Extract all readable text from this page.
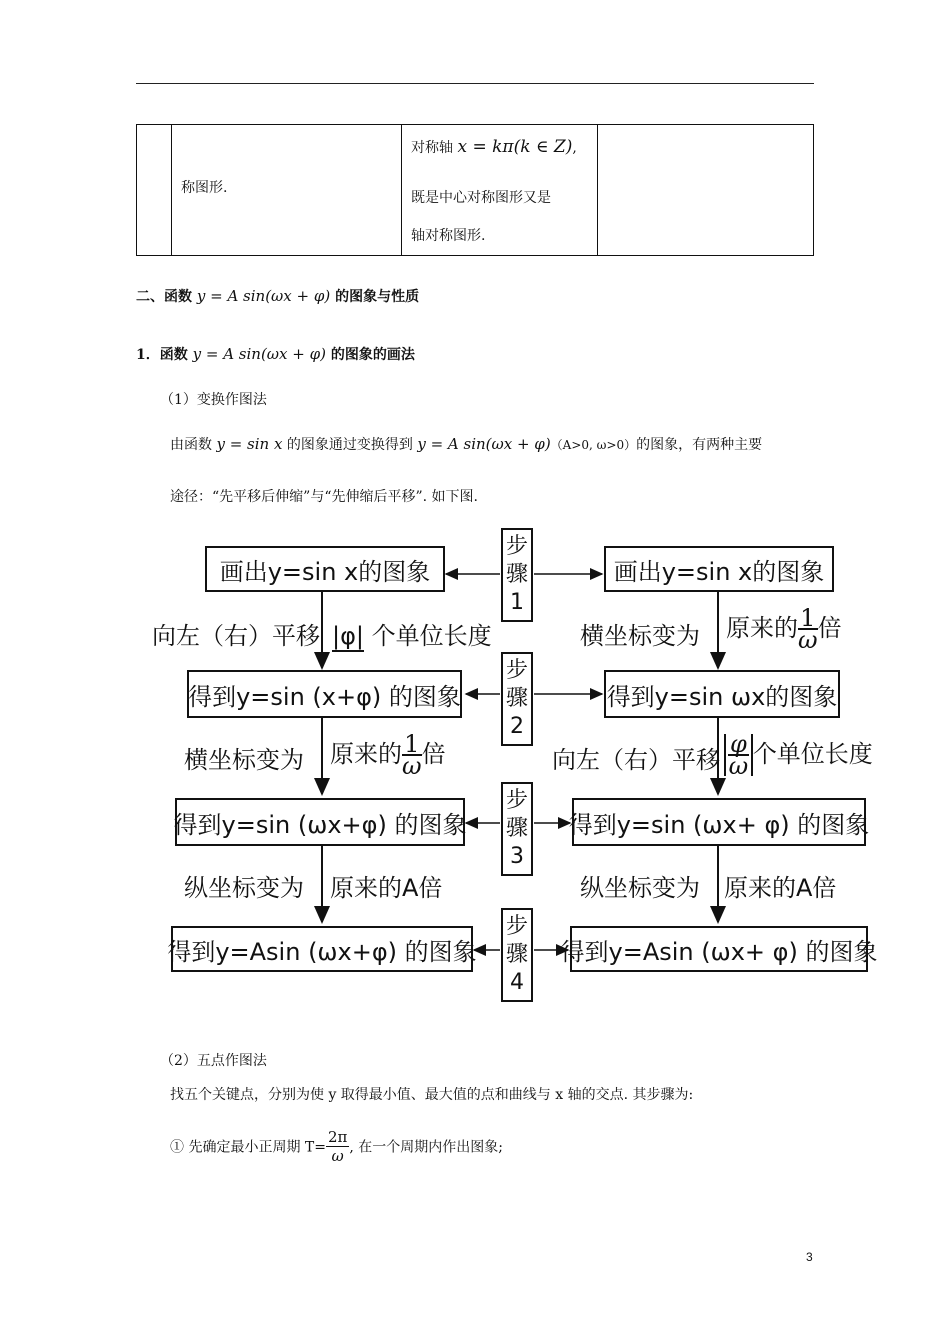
称图形.
对称轴 x = kπ(k ∈ Z),
既是中心对称图形又是
轴对称图形.
二、函数 y = A sin(ωx + φ) 的图象与性质
1．函数 y = A sin(ωx + φ) 的图象的画法
（1）变换作图法
由函数 y = sin x 的图象通过变换得到 y = A sin(ωx + φ)（A>0, ω>0）的图象，有两种主要
途径：“先平移后伸缩”与“先伸缩后平移”. 如下图.
画出y=sin x的图象
得到y=sin (x+φ) 的图象
得到y=sin (ωx+φ) 的图象
得到y=Asin (ωx+φ) 的图象
画出y=sin x的图象
得到y=sin ωx的图象
得到y=sin (ωx+ φ) 的图象
得到y=Asin (ωx+ φ) 的图象
步
骤
1
步
骤
2
步
骤
3
步
骤
4
向左（右）平移 |φ| 个单位长度
横坐标变为 原来的 $\frac{1}{\omega}$ 倍
纵坐标变为 原来的A倍
横坐标变为 原来的 $\frac{1}{\omega}$ 倍
向左（右）平移 $\frac{\varphi}{\omega}$ 个单位长度
纵坐标变为 原来的A倍
（2）五点作图法
找五个关键点，分别为使 y 取得最小值、最大值的点和曲线与 x 轴的交点. 其步骤为:
① 先确定最小正周期 $T= \frac{2\pi}{\omega}$ , 在一个周期内作出图象;
3
